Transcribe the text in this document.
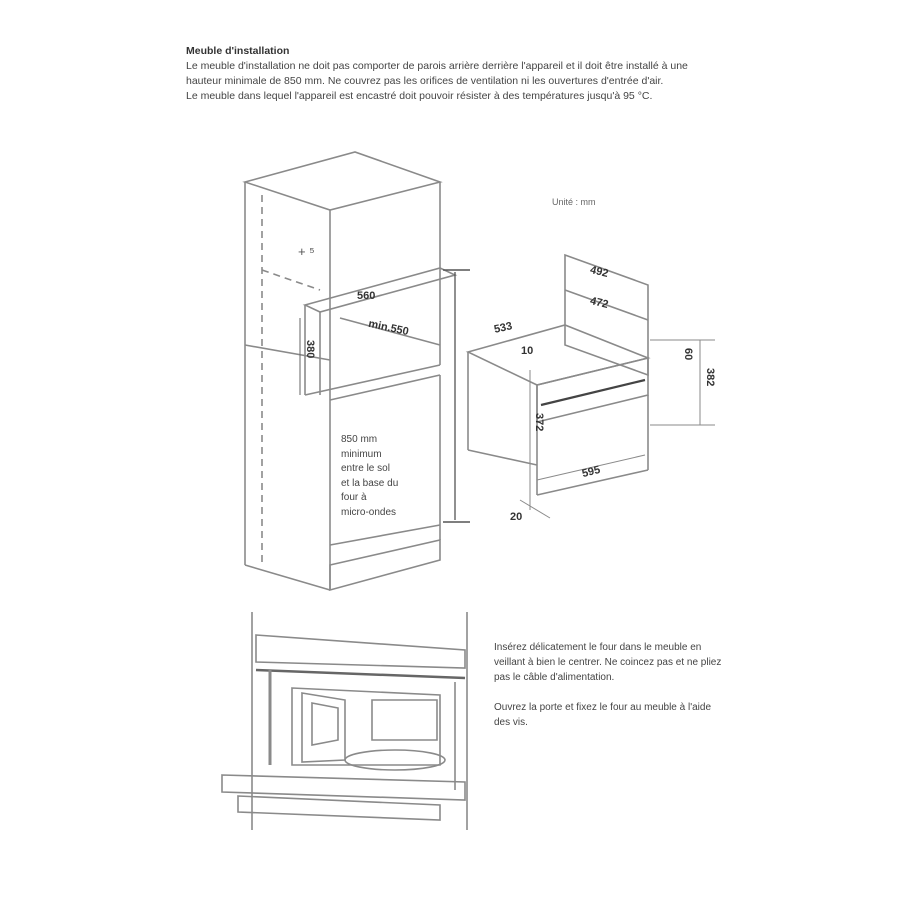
Meuble d'installation

Le meuble d'installation ne doit pas comporter de parois arrière derrière l'appareil et il doit être installé à une hauteur minimale de 850 mm. Ne couvrez pas les orifices de ventilation ni les ouvertures d'entrée d'air.

Le meuble dans lequel l'appareil est encastré doit pouvoir résister à des températures jusqu'à 95 °C.

+ ⁵
560
min.550
380
850 mm
minimum
entre le sol
et la base du
four à
micro-ondes
Unité : mm
492
472
533
10	60
382
372
595
20

Insérez délicatement le four dans le meuble en veillant à bien le centrer. Ne coincez pas et ne pliez pas le câble d'alimentation.

Ouvrez la porte et fixez le four au meuble à l'aide des vis.
